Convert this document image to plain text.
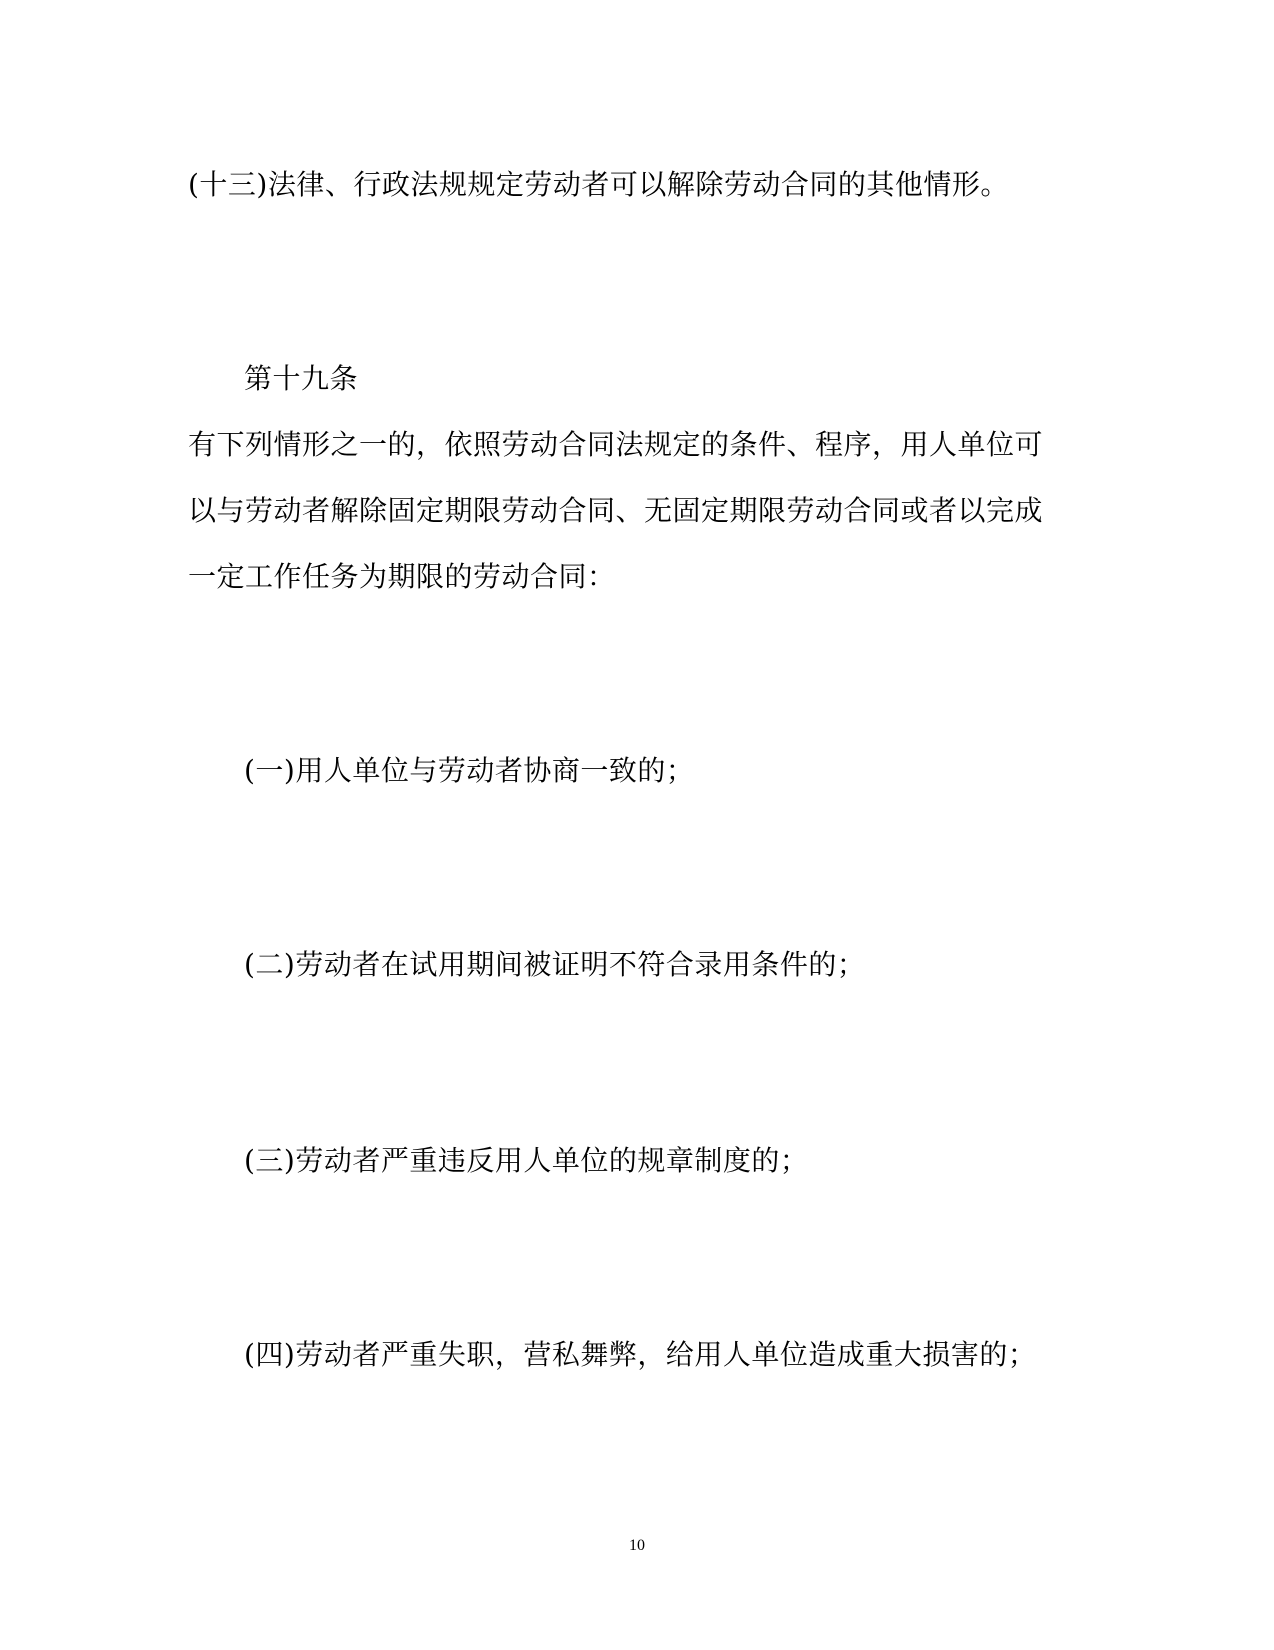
(十三)法律、行政法规规定劳动者可以解除劳动合同的其他情形。
第十九条
有下列情形之一的，依照劳动合同法规定的条件、程序，用人单位可
以与劳动者解除固定期限劳动合同、无固定期限劳动合同或者以完成
一定工作任务为期限的劳动合同：
(一)用人单位与劳动者协商一致的；
(二)劳动者在试用期间被证明不符合录用条件的；
(三)劳动者严重违反用人单位的规章制度的；
(四)劳动者严重失职，营私舞弊，给用人单位造成重大损害的；
10
